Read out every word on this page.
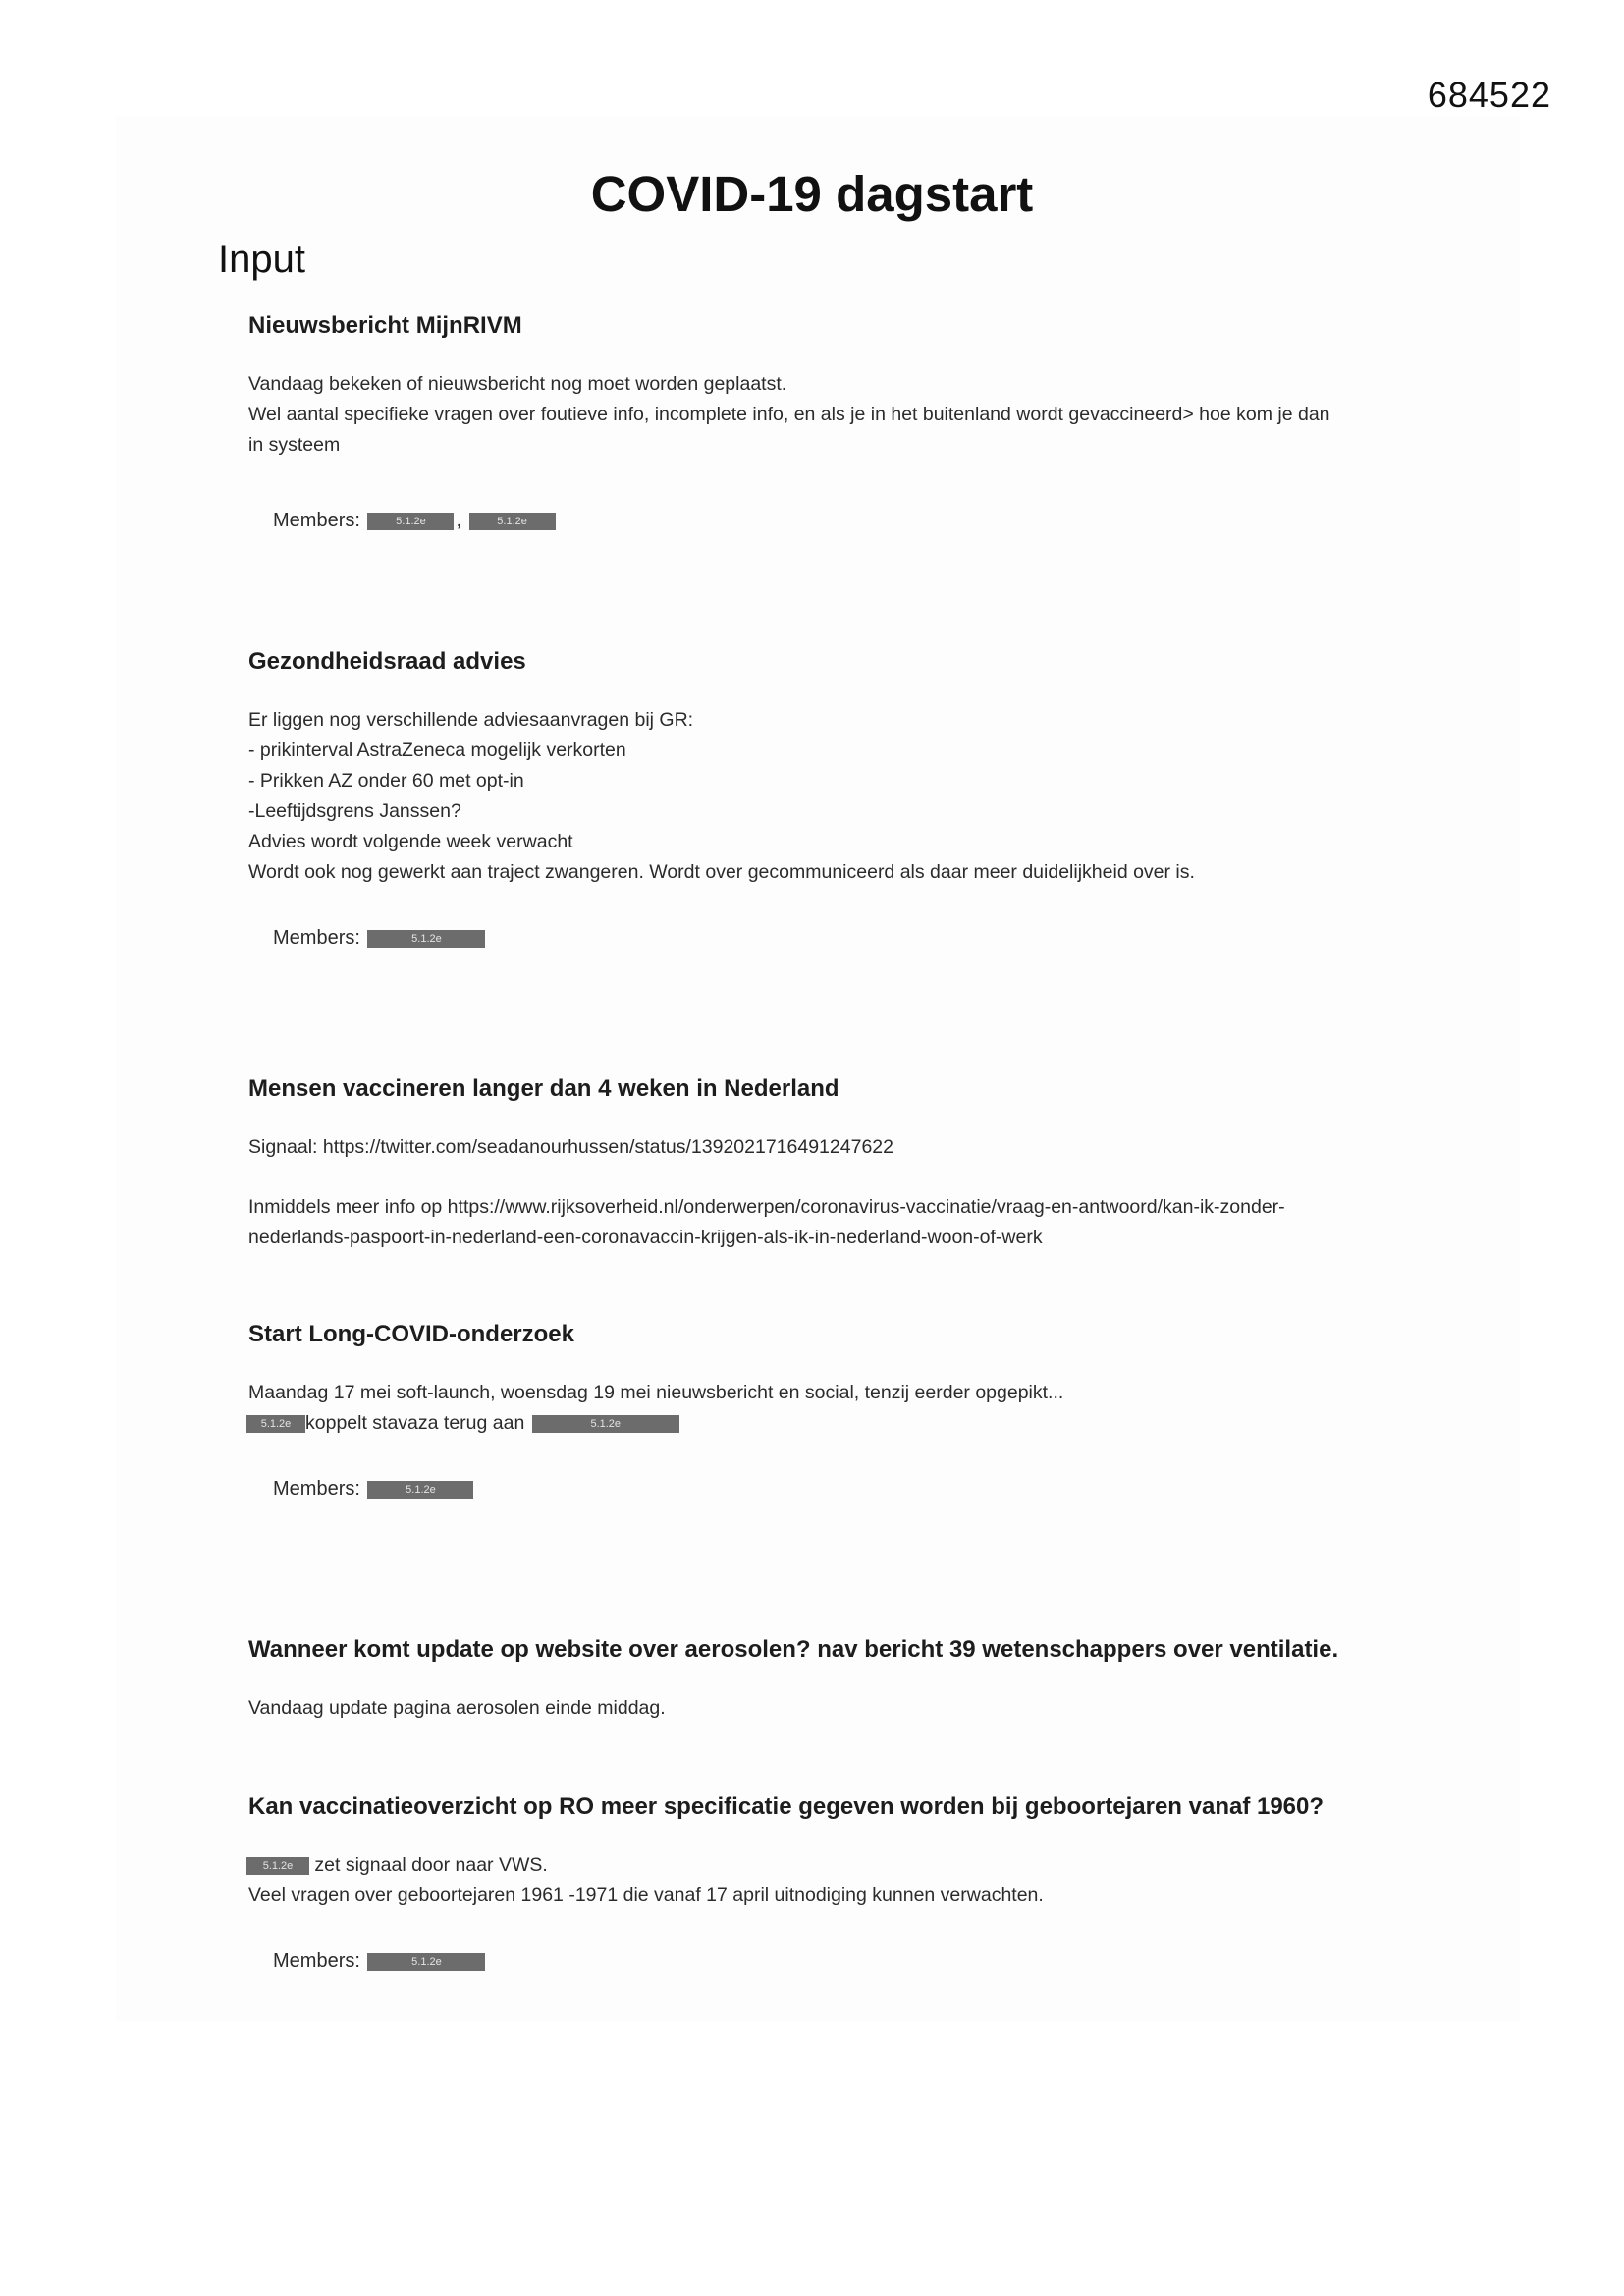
684522
COVID-19 dagstart
Input

Nieuwsbericht MijnRIVM

Vandaag bekeken of nieuwsbericht nog moet worden geplaatst.
Wel aantal specifieke vragen over foutieve info, incomplete info, en als je in het buitenland wordt gevaccineerd> hoe kom je dan
in systeem

Members:	5.1.2e ,	5.1.2e

Gezondheidsraad advies

Er liggen nog verschillende adviesaanvragen bij GR:
- prikinterval AstraZeneca mogelijk verkorten
- Prikken AZ onder 60 met opt-in
-Leeftijdsgrens Janssen?
Advies wordt volgende week verwacht
Wordt ook nog gewerkt aan traject zwangeren. Wordt over gecommuniceerd als daar meer duidelijkheid over is.

Members:	5.1.2e

Mensen vaccineren langer dan 4 weken in Nederland

Signaal: https://twitter.com/seadanourhussen/status/1392021716491247622

Inmiddels meer info op https://www.rijksoverheid.nl/onderwerpen/coronavirus-vaccinatie/vraag-en-antwoord/kan-ik-zonder-
nederlands-paspoort-in-nederland-een-coronavaccin-krijgen-als-ik-in-nederland-woon-of-werk

Start Long-COVID-onderzoek

Maandag 17 mei soft-launch, woensdag 19 mei nieuwsbericht en social, tenzij eerder opgepikt...
5.1.2e koppelt stavaza terug aan	5.1.2e

Members:	5.1.2e

Wanneer komt update op website over aerosolen? nav bericht 39 wetenschappers over ventilatie.

Vandaag update pagina aerosolen einde middag.

Kan vaccinatieoverzicht op RO meer specificatie gegeven worden bij geboortejaren vanaf 1960?

5.1.2e zet signaal door naar VWS.
Veel vragen over geboortejaren 1961 -1971 die vanaf 17 april uitnodiging kunnen verwachten.

Members:	5.1.2e
